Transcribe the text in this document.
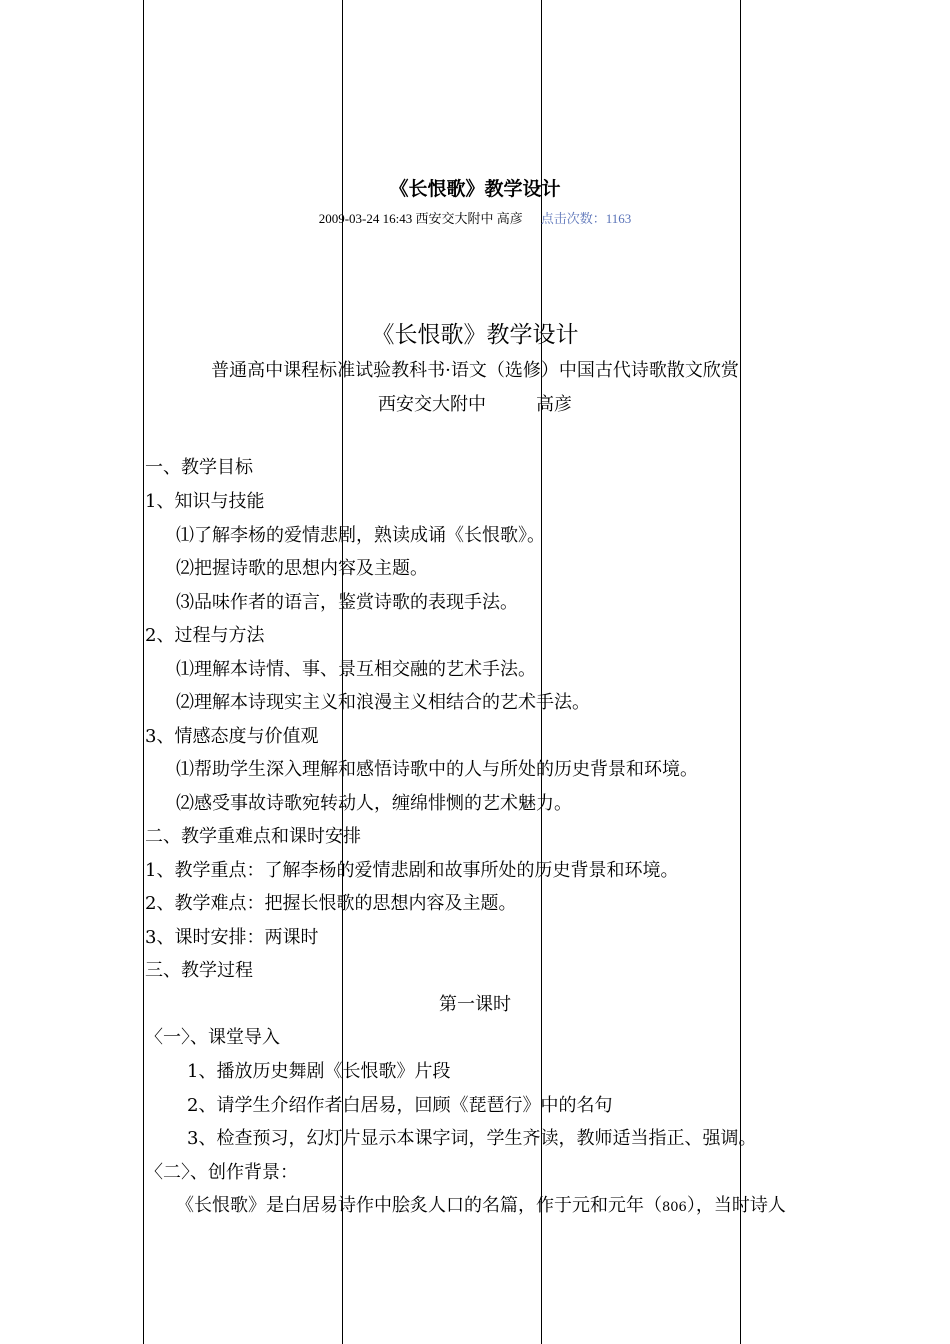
《长恨歌》教学设计
2009-03-24 16:43 西安交大附中 高彦 点击次数：1163
《长恨歌》教学设计
普通高中课程标准试验教科书·语文（选修）中国古代诗歌散文欣赏
西安交大附中	高彦
一、教学目标
1、知识与技能
⑴了解李杨的爱情悲剧，熟读成诵《长恨歌》。
⑵把握诗歌的思想内容及主题。
⑶品味作者的语言，鉴赏诗歌的表现手法。
2、过程与方法
⑴理解本诗情、事、景互相交融的艺术手法。
⑵理解本诗现实主义和浪漫主义相结合的艺术手法。
3、情感态度与价值观
⑴帮助学生深入理解和感悟诗歌中的人与所处的历史背景和环境。
⑵感受事故诗歌宛转动人，缠绵悱恻的艺术魅力。
二、教学重难点和课时安排
1、教学重点：了解李杨的爱情悲剧和故事所处的历史背景和环境。
2、教学难点：把握长恨歌的思想内容及主题。
3、课时安排：两课时
三、教学过程
第一课时
〈一〉、课堂导入
1、播放历史舞剧《长恨歌》片段
2、请学生介绍作者白居易，回顾《琵琶行》中的名句
3、检查预习，幻灯片显示本课字词，学生齐读，教师适当指正、强调。
〈二〉、创作背景：
《长恨歌》是白居易诗作中脍炙人口的名篇，作于元和元年（806），当时诗人
